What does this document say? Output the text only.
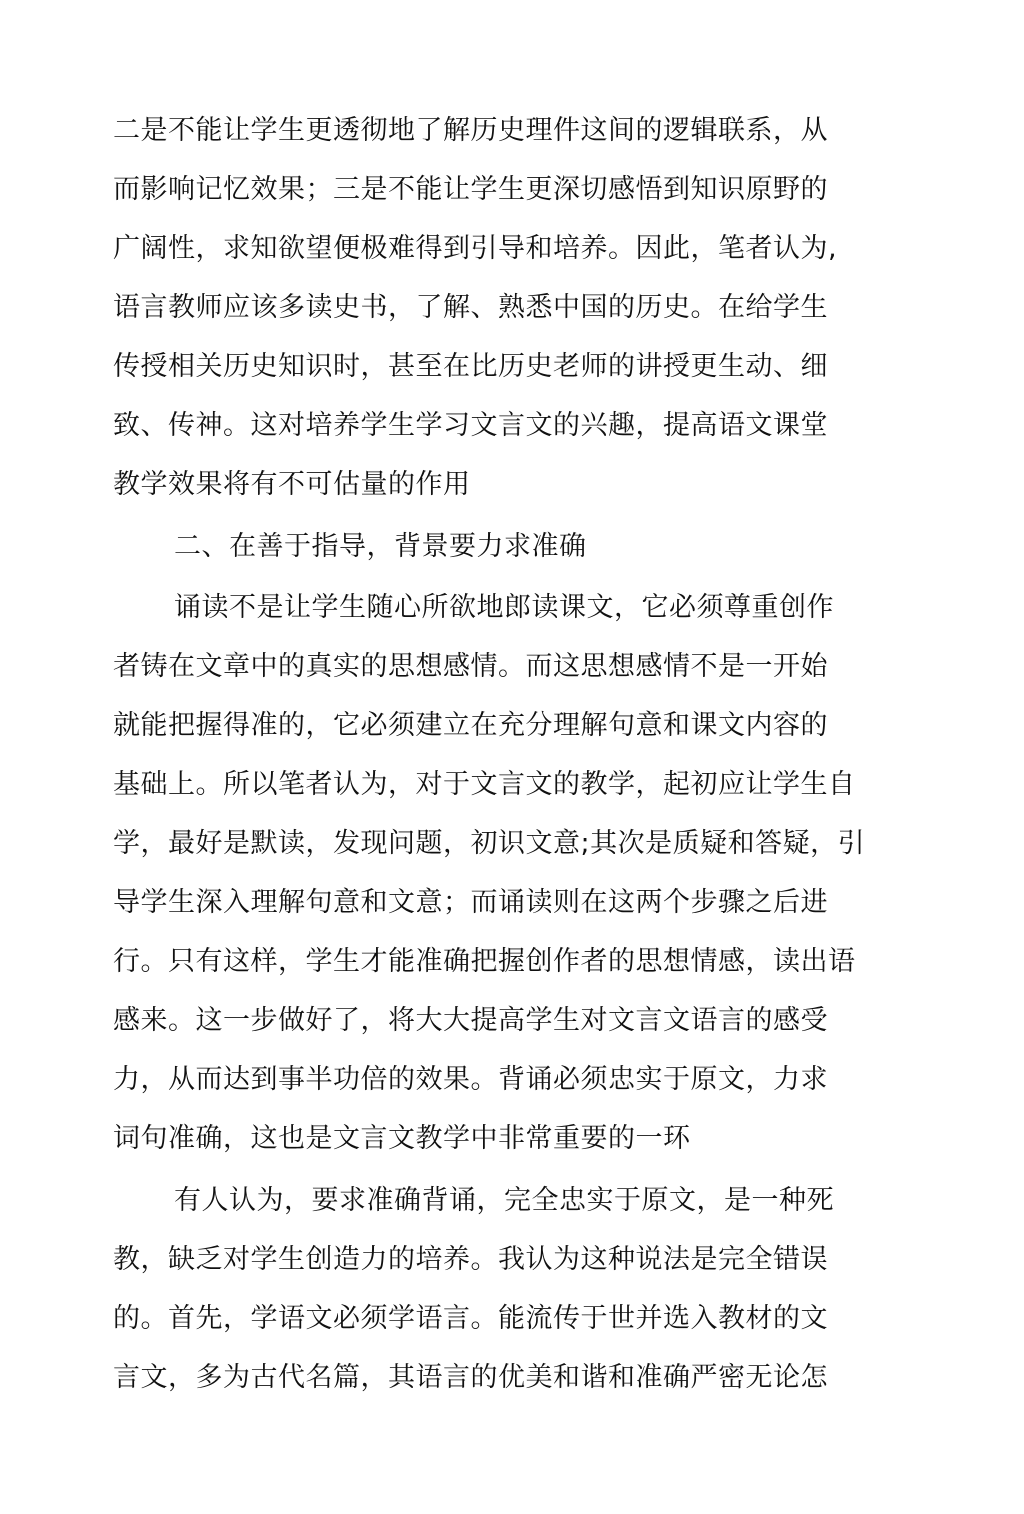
二是不能让学生更透彻地了解历史理件这间的逻辑联系，从
而影响记忆效果；三是不能让学生更深切感悟到知识原野的
广阔性，求知欲望便极难得到引导和培养。因此，笔者认为,
语言教师应该多读史书，了解、熟悉中国的历史。在给学生
传授相关历史知识时，甚至在比历史老师的讲授更生动、细
致、传神。这对培养学生学习文言文的兴趣，提高语文课堂
教学效果将有不可估量的作用
二、在善于指导，背景要力求准确
诵读不是让学生随心所欲地郎读课文，它必须尊重创作
者铸在文章中的真实的思想感情。而这思想感情不是一开始
就能把握得准的，它必须建立在充分理解句意和课文内容的
基础上。所以笔者认为，对于文言文的教学，起初应让学生自
学，最好是默读，发现问题，初识文意;其次是质疑和答疑，引
导学生深入理解句意和文意；而诵读则在这两个步骤之后进
行。只有这样，学生才能准确把握创作者的思想情感，读出语
感来。这一步做好了，将大大提高学生对文言文语言的感受
力，从而达到事半功倍的效果。背诵必须忠实于原文，力求
词句准确，这也是文言文教学中非常重要的一环
有人认为，要求准确背诵，完全忠实于原文，是一种死
教，缺乏对学生创造力的培养。我认为这种说法是完全错误
的。首先，学语文必须学语言。能流传于世并选入教材的文
言文，多为古代名篇，其语言的优美和谐和准确严密无论怎
